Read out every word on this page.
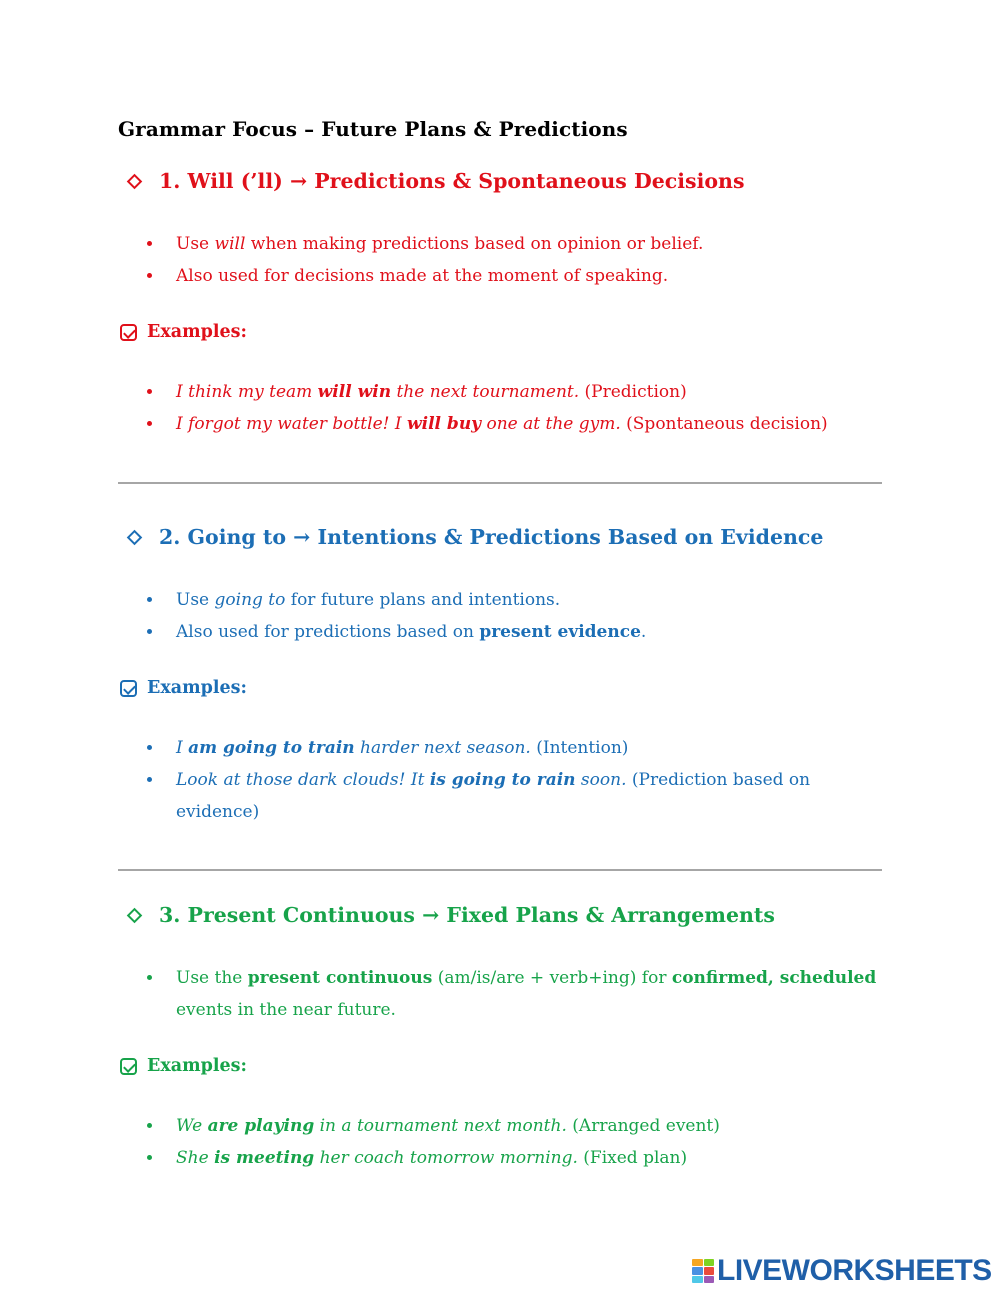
Grammar Focus – Future Plans & Predictions
1. Will (’ll) → Predictions & Spontaneous Decisions
Use will when making predictions based on opinion or belief.
Also used for decisions made at the moment of speaking.
Examples:
I think my team will win the next tournament. (Prediction)
I forgot my water bottle! I will buy one at the gym. (Spontaneous decision)
2. Going to → Intentions & Predictions Based on Evidence
Use going to for future plans and intentions.
Also used for predictions based on present evidence.
Examples:
I am going to train harder next season. (Intention)
Look at those dark clouds! It is going to rain soon. (Prediction based on evidence)
3. Present Continuous → Fixed Plans & Arrangements
Use the present continuous (am/is/are + verb+ing) for confirmed, scheduled events in the near future.
Examples:
We are playing in a tournament next month. (Arranged event)
She is meeting her coach tomorrow morning. (Fixed plan)
LIVEWORKSHEETS
